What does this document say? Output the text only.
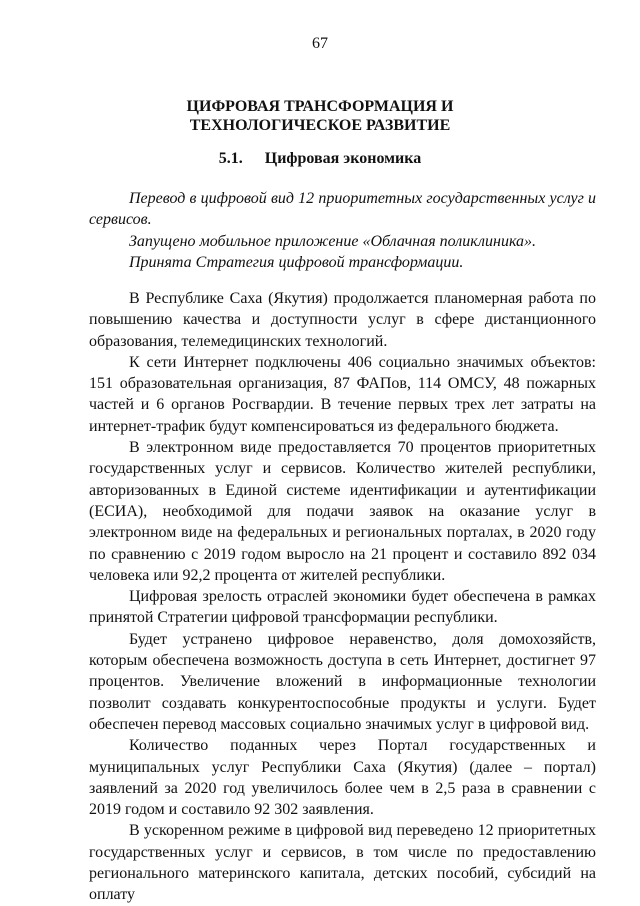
67
ЦИФРОВАЯ ТРАНСФОРМАЦИЯ И
ТЕХНОЛОГИЧЕСКОЕ РАЗВИТИЕ
5.1. Цифровая экономика

Перевод в цифровой вид 12 приоритетных государственных услуг и сервисов.

Запущено мобильное приложение «Облачная поликлиника».

Принята Стратегия цифровой трансформации.

В Республике Саха (Якутия) продолжается планомерная работа по повышению качества и доступности услуг в сфере дистанционного образования, телемедицинских технологий.

К сети Интернет подключены 406 социально значимых объектов: 151 образовательная организация, 87 ФАПов, 114 ОМСУ, 48 пожарных частей и 6 органов Росгвардии. В течение первых трех лет затраты на интернет-трафик будут компенсироваться из федерального бюджета.

В электронном виде предоставляется 70 процентов приоритетных государственных услуг и сервисов. Количество жителей республики, авторизованных в Единой системе идентификации и аутентификации (ЕСИА), необходимой для подачи заявок на оказание услуг в электронном виде на федеральных и региональных порталах, в 2020 году по сравнению с 2019 годом выросло на 21 процент и составило 892 034 человека или 92,2 процента от жителей республики.

Цифровая зрелость отраслей экономики будет обеспечена в рамках принятой Стратегии цифровой трансформации республики.

Будет устранено цифровое неравенство, доля домохозяйств, которым обеспечена возможность доступа в сеть Интернет, достигнет 97 процентов. Увеличение вложений в информационные технологии позволит создавать конкурентоспособные продукты и услуги. Будет обеспечен перевод массовых социально значимых услуг в цифровой вид.

Количество поданных через Портал государственных и муниципальных услуг Республики Саха (Якутия) (далее – портал) заявлений за 2020 год увеличилось более чем в 2,5 раза в сравнении с 2019 годом и составило 92 302 заявления.

В ускоренном режиме в цифровой вид переведено 12 приоритетных государственных услуг и сервисов, в том числе по предоставлению регионального материнского капитала, детских пособий, субсидий на оплату
